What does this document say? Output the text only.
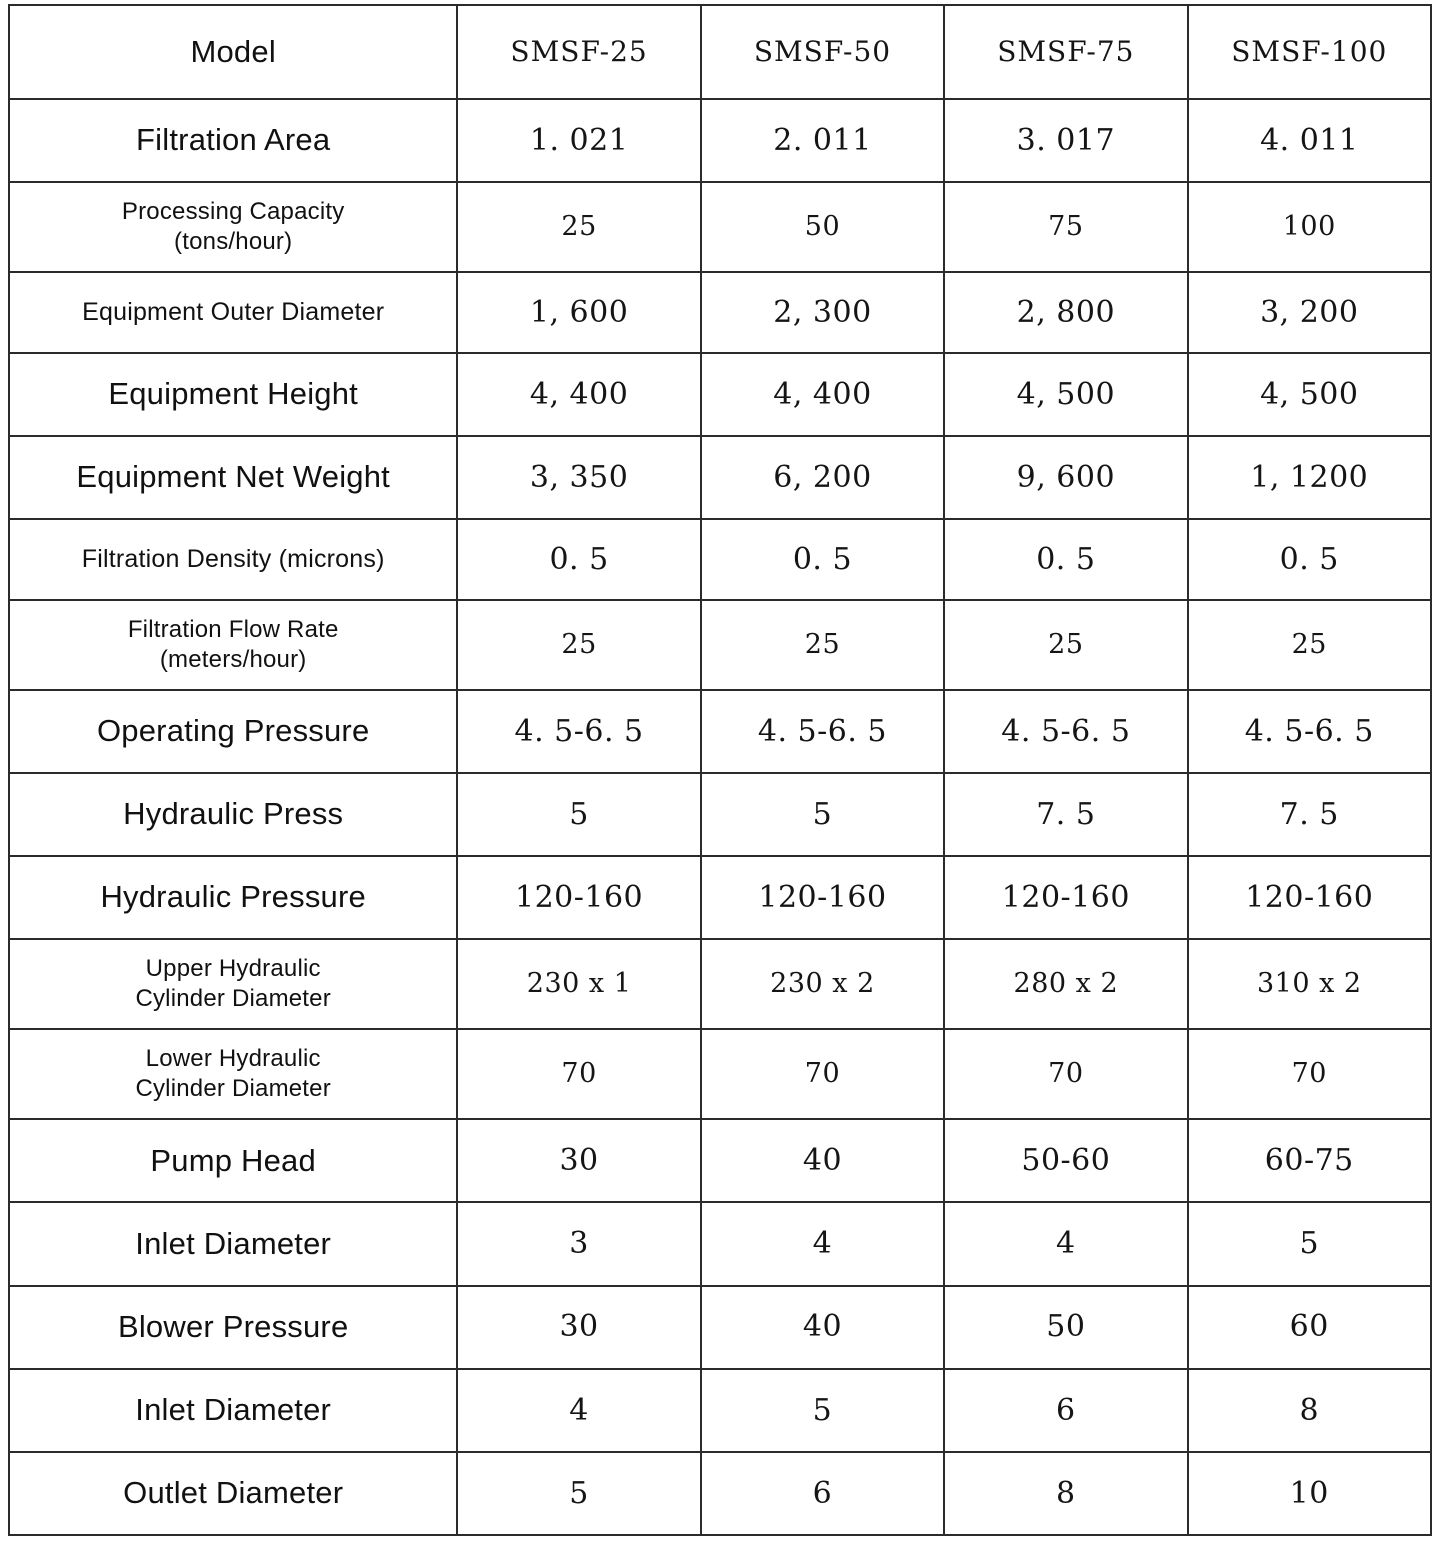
Model	SMSF-25	SMSF-50	SMSF-75	SMSF-100

Filtration Area	1. 021	2. 011	3. 017	4. 011

Processing Capacity
(tons/hour)	25	50	75	100

Equipment Outer Diameter	1, 600	2, 300	2, 800	3, 200

Equipment Height	4, 400	4, 400	4, 500	4, 500

Equipment Net Weight	3, 350	6, 200	9, 600	1, 1200

Filtration Density (microns)	0. 5	0. 5	0. 5	0. 5

Filtration Flow Rate
(meters/hour)	25	25	25	25

Operating Pressure	4. 5-6. 5	4. 5-6. 5	4. 5-6. 5	4. 5-6. 5

Hydraulic Press	5	5	7. 5	7. 5

Hydraulic Pressure	120-160	120-160	120-160	120-160

Upper Hydraulic
Cylinder Diameter	230 x 1	230 x 2	280 x 2	310 x 2

Lower Hydraulic
Cylinder Diameter	70	70	70	70

Pump Head	30	40	50-60	60-75

Inlet Diameter	3	4	4	5

Blower Pressure	30	40	50	60

Inlet Diameter	4	5	6	8

Outlet Diameter	5	6	8	10
